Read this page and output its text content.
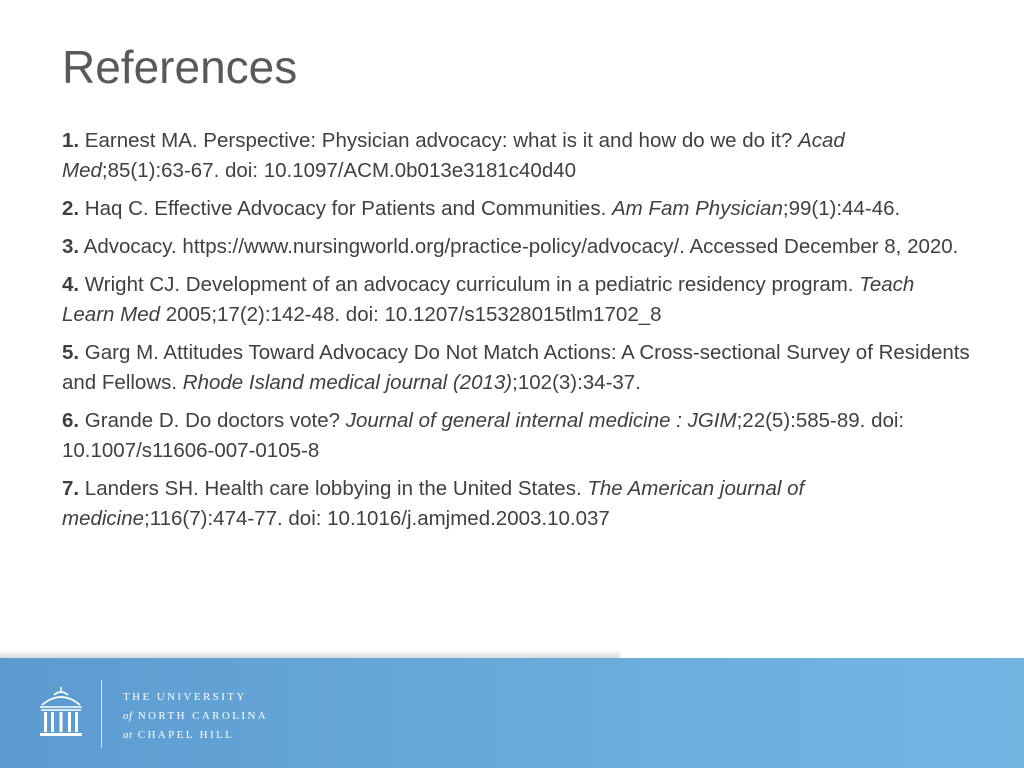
References
1. Earnest MA. Perspective: Physician advocacy: what is it and how do we do it? Acad Med;85(1):63-67. doi: 10.1097/ACM.0b013e3181c40d40
2. Haq C. Effective Advocacy for Patients and Communities. Am Fam Physician;99(1):44-46.
3. Advocacy. https://www.nursingworld.org/practice-policy/advocacy/. Accessed December 8, 2020.
4. Wright CJ. Development of an advocacy curriculum in a pediatric residency program. Teach Learn Med 2005;17(2):142-48. doi: 10.1207/s15328015tlm1702_8
5. Garg M. Attitudes Toward Advocacy Do Not Match Actions: A Cross-sectional Survey of Residents and Fellows. Rhode Island medical journal (2013);102(3):34-37.
6. Grande D. Do doctors vote? Journal of general internal medicine : JGIM;22(5):585-89. doi: 10.1007/s11606-007-0105-8
7. Landers SH. Health care lobbying in the United States. The American journal of medicine;116(7):474-77. doi: 10.1016/j.amjmed.2003.10.037
THE UNIVERSITY
of NORTH CAROLINA
at CHAPEL HILL
